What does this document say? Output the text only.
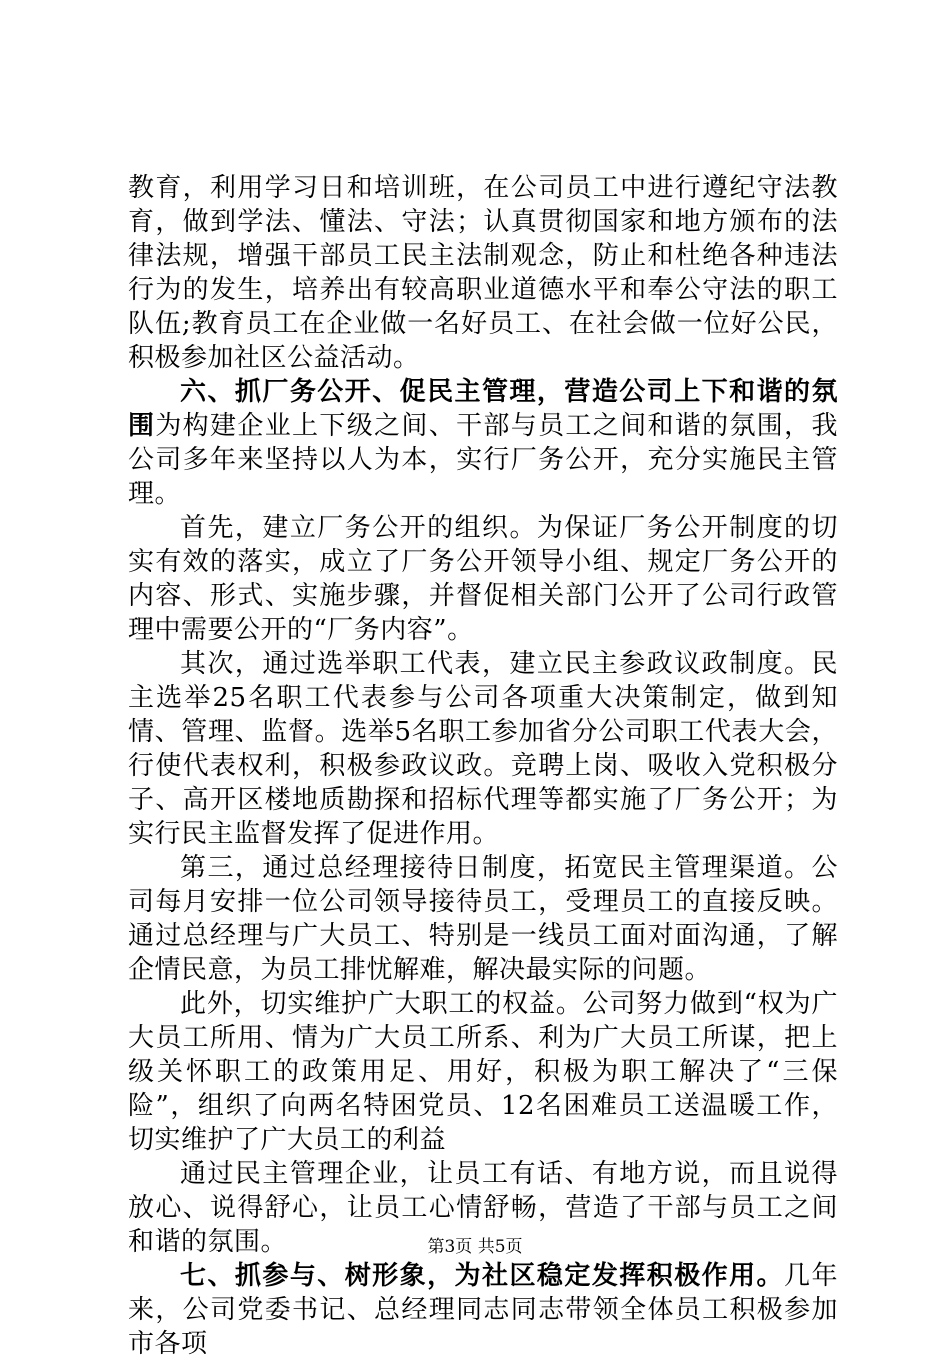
教育，利用学习日和培训班，在公司员工中进行遵纪守法教育，做到学法、懂法、守法；认真贯彻国家和地方颁布的法律法规，增强干部员工民主法制观念，防止和杜绝各种违法行为的发生，培养出有较高职业道德水平和奉公守法的职工队伍;教育员工在企业做一名好员工、在社会做一位好公民，积极参加社区公益活动。

六、抓厂务公开、促民主管理，营造公司上下和谐的氛围为构建企业上下级之间、干部与员工之间和谐的氛围，我公司多年来坚持以人为本，实行厂务公开，充分实施民主管理。

首先，建立厂务公开的组织。为保证厂务公开制度的切实有效的落实，成立了厂务公开领导小组、规定厂务公开的内容、形式、实施步骤，并督促相关部门公开了公司行政管理中需要公开的“厂务内容”。

其次，通过选举职工代表，建立民主参政议政制度。民主选举25名职工代表参与公司各项重大决策制定，做到知情、管理、监督。选举5名职工参加省分公司职工代表大会，行使代表权利，积极参政议政。竞聘上岗、吸收入党积极分子、高开区楼地质勘探和招标代理等都实施了厂务公开；为实行民主监督发挥了促进作用。

第三，通过总经理接待日制度，拓宽民主管理渠道。公司每月安排一位公司领导接待员工，受理员工的直接反映。通过总经理与广大员工、特别是一线员工面对面沟通，了解企情民意，为员工排忧解难，解决最实际的问题。

此外，切实维护广大职工的权益。公司努力做到“权为广大员工所用、情为广大员工所系、利为广大员工所谋，把上级关怀职工的政策用足、用好，积极为职工解决了“三保险”，组织了向两名特困党员、12名困难员工送温暖工作，切实维护了广大员工的利益

通过民主管理企业，让员工有话、有地方说，而且说得放心、说得舒心，让员工心情舒畅，营造了干部与员工之间和谐的氛围。

七、抓参与、树形象，为社区稳定发挥积极作用。几年来，公司党委书记、总经理同志同志带领全体员工积极参加市各项

第3页 共5页
